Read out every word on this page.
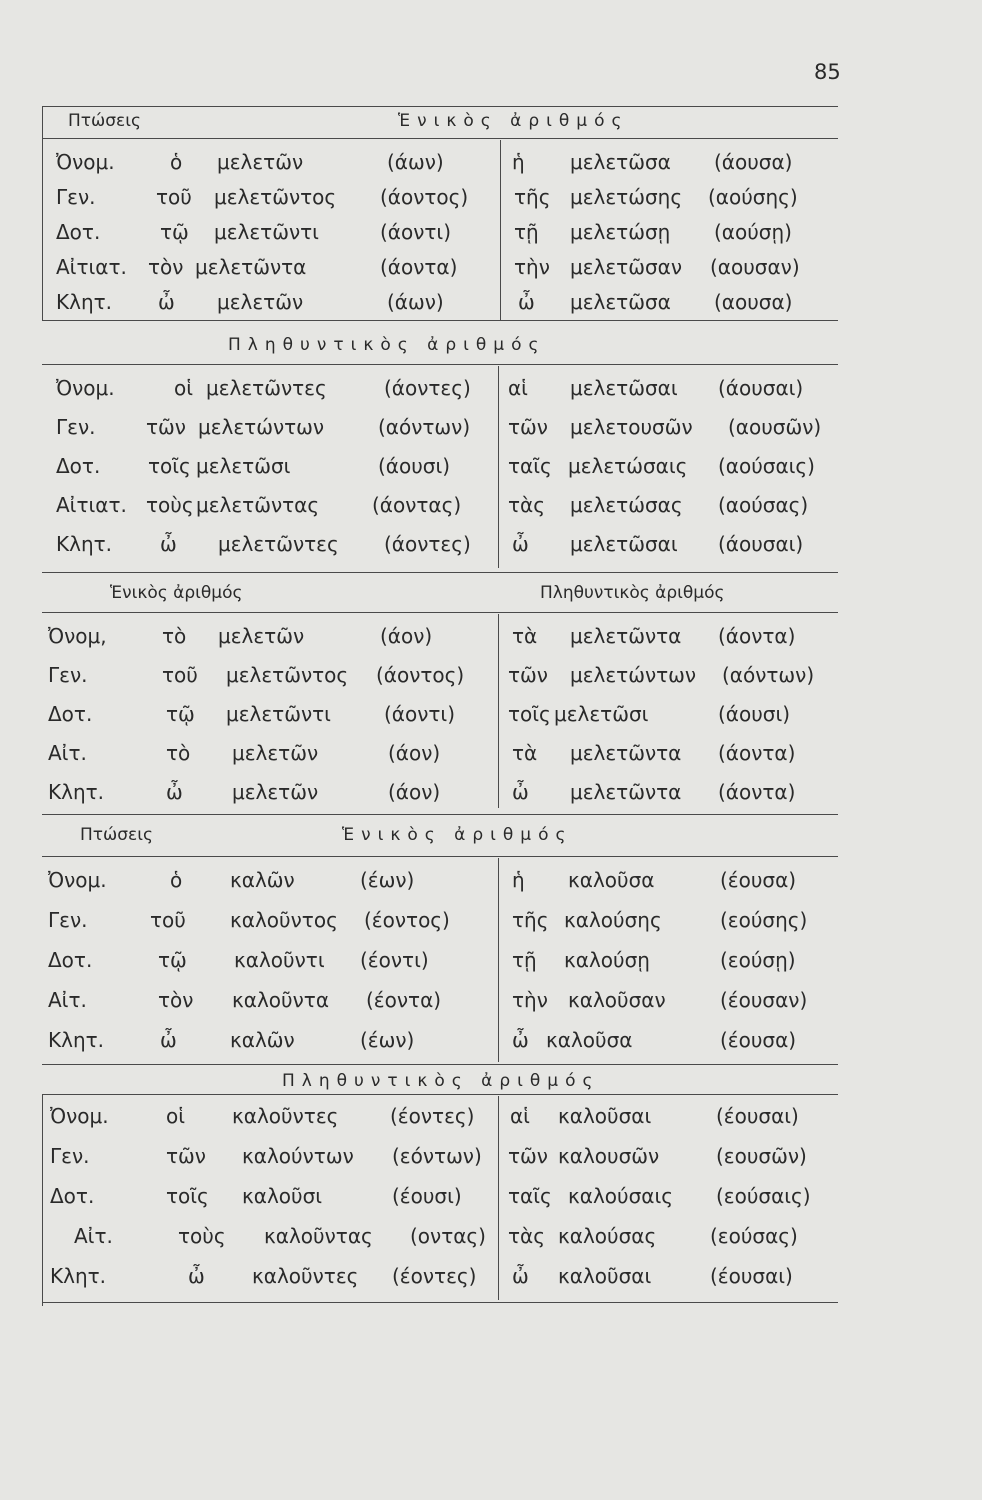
85
Πτώσεις	Ἑνικὸς ἀριθμός
Ὀνομ.	ὁ μελετῶν	(άων)	ἡ μελετῶσα (άουσα)
Γεν.	τοῦ μελετῶντος (άοντος) τῆς μελετώσης (αούσης)
Δοτ.	τῷ μελετῶντι	(άοντι)	τῇ μελετώσῃ (αούσῃ)
Αἰτιατ. τὸν μελετῶντα	(άοντα)	τὴν μελετῶσαν (αουσαν)
Κλητ. ὦ μελετῶν	(άων)	ὦ μελετῶσα (αουσα)
Πληθυντικὸς ἀριθμός
Ὀνομ.	οἱ μελετῶντες	(άοντες) αἱ μελετῶσαι (άουσαι)
Γεν.	τῶν μελετώντων	(αόντων) τῶν μελετουσῶν (αουσῶν)
Δοτ. τοῖς μελετῶσι	(άουσι)	ταῖς μελετώσαις (αούσαις)
Αἰτιατ. τοὺς μελετῶντας	(άοντας) τὰς μελετώσας (αούσας)
Κλητ. ὦ μελετῶντες (άοντες) ὦ μελετῶσαι (άουσαι)
Ἑνικὸς ἀριθμός	Πληθυντικὸς ἀριθμός
Ὀνομ,	τὸ μελετῶν	(άον)	τὰ μελετῶντα (άοντα)
Γεν.	τοῦ μελετῶντος (άοντος) τῶν μελετώντων (αόντων)
Δοτ.	τῷ μελετῶντι	(άοντι)	τοῖς μελετῶσι	(άουσι)
Αἰτ.	τὸ μελετῶν	(άον)	τὰ μελετῶντα (άοντα)
Κλητ.	ὦ μελετῶν	(άον)	ὦ μελετῶντα (άοντα)
Πτώσεις	Ἑνικὸς ἀριθμός
Ὀνομ.	ὁ καλῶν	(έων)	ἡ καλοῦσα	(έουσα)
Γεν.	τοῦ καλοῦντος (έοντος)	τῆς καλούσης	(εούσης)
Δοτ.	τῷ καλοῦντι (έοντι)	τῇ καλούσῃ	(εούσῃ)
Αἰτ.	τὸν καλοῦντα (έοντα)	τὴν καλοῦσαν	(έουσαν)
Κλητ.	ὦ	καλῶν	(έων)	ὦ καλοῦσα	(έουσα)
Πληθυντικὸς ἀριθμός
Ὀνομ.	οἱ καλοῦντες	(έοντες) αἱ καλοῦσαι	(έουσαι)
Γεν.	τῶν καλούντων (εόντων) τῶν καλουσῶν	(εουσῶν)
Δοτ.	τοῖς καλοῦσι	(έουσι) ταῖς καλούσαις (εούσαις)
Αἰτ.	τοὺς καλοῦντας (οντας) τὰς καλούσας	(εούσας)
Κλητ.	ὦ καλοῦντες (έοντες) ὦ καλοῦσαι	(έουσαι)
